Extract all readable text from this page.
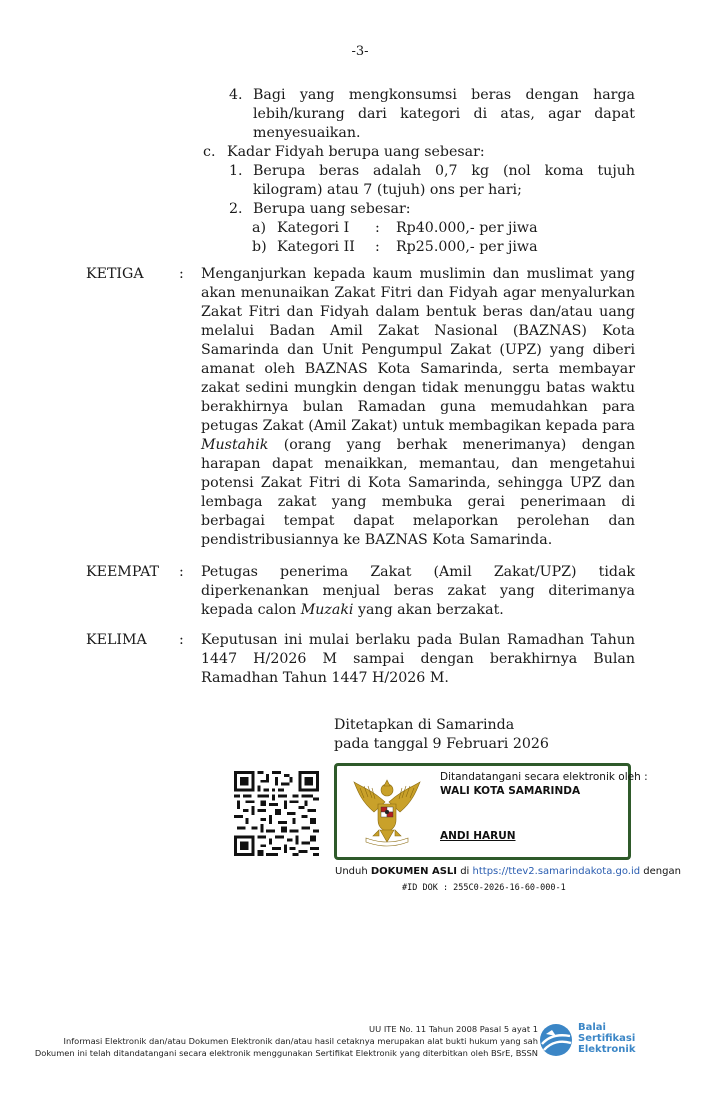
-3-
4. Bagi yang mengkonsumsi beras dengan harga lebih/kurang dari kategori di atas, agar dapat menyesuaikan.
c. Kadar Fidyah berupa uang sebesar:
1. Berupa beras adalah 0,7 kg (nol koma tujuh kilogram) atau 7 (tujuh) ons per hari;
2. Berupa uang sebesar:
a) Kategori I : Rp40.000,- per jiwa
b) Kategori II : Rp25.000,- per jiwa
KETIGA	: Menganjurkan kepada kaum muslimin dan muslimat yang akan menunaikan Zakat Fitri dan Fidyah agar menyalurkan Zakat Fitri dan Fidyah dalam bentuk beras dan/atau uang melalui Badan Amil Zakat Nasional (BAZNAS) Kota Samarinda dan Unit Pengumpul Zakat (UPZ) yang diberi amanat oleh BAZNAS Kota Samarinda, serta membayar zakat sedini mungkin dengan tidak menunggu batas waktu berakhirnya bulan Ramadan guna memudahkan para petugas Zakat (Amil Zakat) untuk membagikan kepada para Mustahik (orang yang berhak menerimanya) dengan harapan dapat menaikkan, memantau, dan mengetahui potensi Zakat Fitri di Kota Samarinda, sehingga UPZ dan lembaga zakat yang membuka gerai penerimaan di berbagai tempat dapat melaporkan perolehan dan pendistribusiannya ke BAZNAS Kota Samarinda.
KEEMPAT	: Petugas penerima Zakat (Amil Zakat/UPZ) tidak diperkenankan menjual beras zakat yang diterimanya kepada calon Muzaki yang akan berzakat.
KELIMA	: Keputusan ini mulai berlaku pada Bulan Ramadhan Tahun 1447 H/2026 M sampai dengan berakhirnya Bulan Ramadhan Tahun 1447 H/2026 M.
Ditetapkan di Samarinda
pada tanggal 9 Februari 2026
Ditandatangani secara elektronik oleh :
WALI KOTA SAMARINDA
ANDI HARUN
Unduh DOKUMEN ASLI di https://ttev2.samarindakota.go.id dengan
#ID DOK : 255C0-2026-16-60-000-1
UU ITE No. 11 Tahun 2008 Pasal 5 ayat 1
Informasi Elektronik dan/atau Dokumen Elektronik dan/atau hasil cetaknya merupakan alat bukti hukum yang sah
Dokumen ini telah ditandatangani secara elektronik menggunakan Sertifikat Elektronik yang diterbitkan oleh BSrE, BSSN
Balai
Sertifikasi
Elektronik
